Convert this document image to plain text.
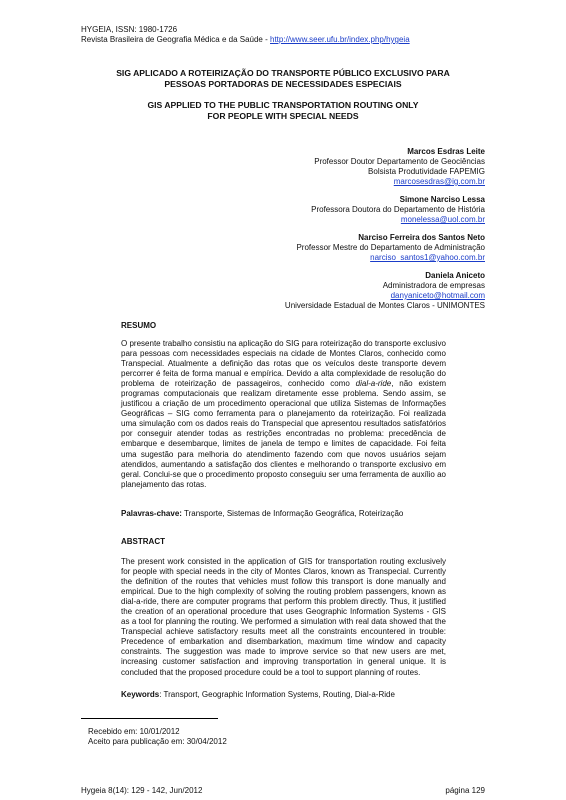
HYGEIA, ISSN: 1980-1726
Revista Brasileira de Geografia Médica e da Saúde - http://www.seer.ufu.br/index.php/hygeia
SIG APLICADO A ROTEIRIZAÇÃO DO TRANSPORTE PÚBLICO EXCLUSIVO PARA
PESSOAS PORTADORAS DE NECESSIDADES ESPECIAIS
GIS APPLIED TO THE PUBLIC TRANSPORTATION ROUTING ONLY
FOR PEOPLE WITH SPECIAL NEEDS
Marcos Esdras Leite
Professor Doutor Departamento de Geociências
Bolsista Produtividade FAPEMIG
marcosesdras@ig.com.br
Simone Narciso Lessa
Professora Doutora do Departamento de História
monelessa@uol.com.br
Narciso Ferreira dos Santos Neto
Professor Mestre do Departamento de Administração
narciso_santos1@yahoo.com.br
Daniela Aniceto
Administradora de empresas
danyaniceto@hotmail.com
Universidade Estadual de Montes Claros - UNIMONTES
RESUMO
O presente trabalho consistiu na aplicação do SIG para roteirização do transporte exclusivo para pessoas com necessidades especiais na cidade de Montes Claros, conhecido como Transpecial. Atualmente a definição das rotas que os veículos deste transporte devem percorrer é feita de forma manual e empírica. Devido a alta complexidade de resolução do problema de roteirização de passageiros, conhecido como dial-a-ride, não existem programas computacionais que realizam diretamente esse problema. Sendo assim, se justificou a criação de um procedimento operacional que utiliza Sistemas de Informações Geográficas – SIG como ferramenta para o planejamento da roteirização. Foi realizada uma simulação com os dados reais do Transpecial que apresentou resultados satisfatórios por conseguir atender todas as restrições encontradas no problema: precedência de embarque e desembarque, limites de janela de tempo e limites de capacidade. Foi feita uma sugestão para melhoria do atendimento fazendo com que novos usuários sejam atendidos, aumentando a satisfação dos clientes e melhorando o transporte exclusivo em geral. Conclui-se que o procedimento proposto conseguiu ser uma ferramenta de auxílio ao planejamento das rotas.
Palavras-chave: Transporte, Sistemas de Informação Geográfica, Roteirização
ABSTRACT
The present work consisted in the application of GIS for transportation routing exclusively for people with special needs in the city of Montes Claros, known as Transpecial. Currently the definition of the routes that vehicles must follow this transport is done manually and empirical. Due to the high complexity of solving the routing problem passengers, known as dial-a-ride, there are computer programs that perform this problem directly. Thus, it justified the creation of an operational procedure that uses Geographic Information Systems - GIS as a tool for planning the routing. We performed a simulation with real data showed that the Transpecial achieve satisfactory results meet all the constraints encountered in trouble: Precedence of embarkation and disembarkation, maximum time window and capacity constraints. The suggestion was made to improve service so that new users are met, increasing customer satisfaction and improving transportation in general unique. It is concluded that the proposed procedure could be a tool to support planning of routes.
Keywords: Transport, Geographic Information Systems, Routing, Dial-a-Ride
Recebido em: 10/01/2012
Aceito para publicação em: 30/04/2012
Hygeia 8(14): 129 - 142, Jun/2012	página 129
